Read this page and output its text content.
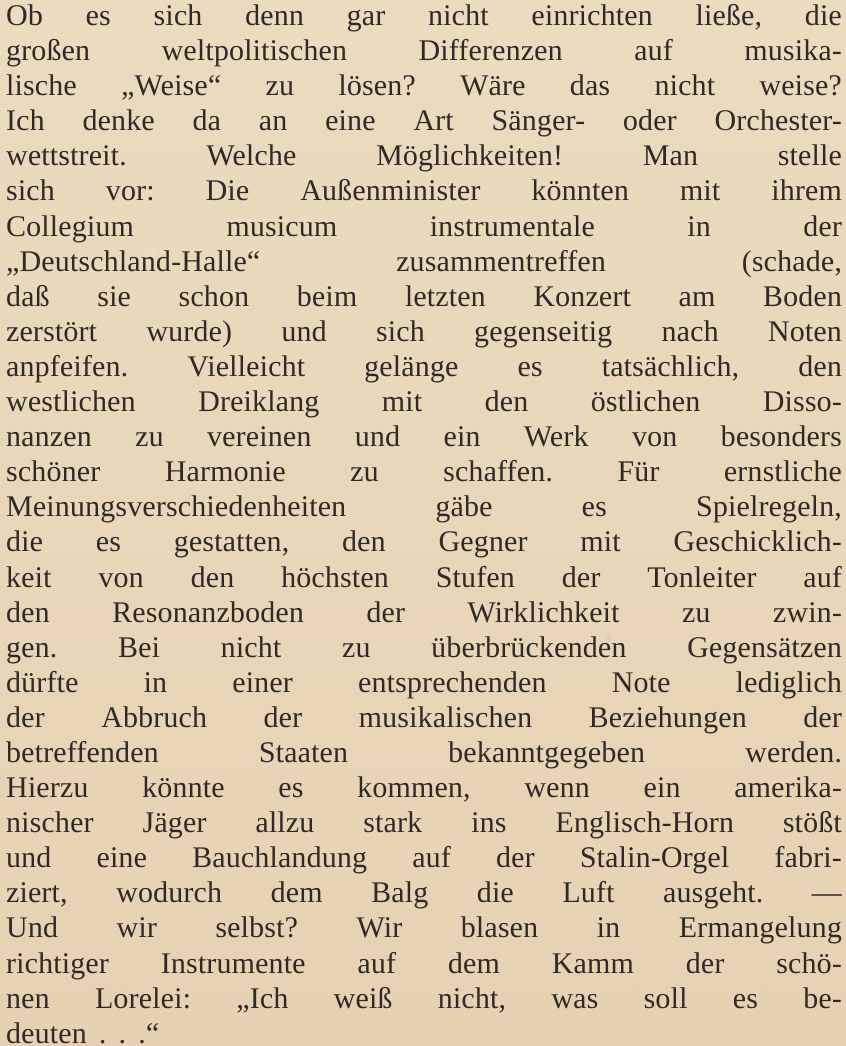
Ob es sich denn gar nicht einrichten ließe, die
großen weltpolitischen Differenzen auf musika-
lische „Weise“ zu lösen? Wäre das nicht weise?
Ich denke da an eine Art Sänger- oder Orchester-
wettstreit.	Welche	Möglichkeiten!	Man	stelle
sich vor: Die Außenminister könnten mit ihrem
Collegium	musicum	instrumentale	in	der
„Deutschland-Halle“	zusammentreffen	(schade,
daß sie schon beim letzten Konzert am Boden
zerstört wurde) und sich gegenseitig nach Noten
anpfeifen. Vielleicht gelänge es tatsächlich, den
westlichen Dreiklang mit den östlichen Disso-
nanzen zu vereinen und ein Werk von besonders
schöner Harmonie zu schaffen. Für ernstliche
Meinungsverschiedenheiten	gäbe	es	Spielregeln,
die es gestatten, den Gegner mit Geschicklich-
keit von den höchsten Stufen der Tonleiter auf
den Resonanzboden der Wirklichkeit zu zwin-
gen. Bei nicht zu überbrückenden Gegensätzen
dürfte in einer entsprechenden Note lediglich
der Abbruch der musikalischen Beziehungen der
betreffenden	Staaten	bekanntgegeben	werden.
Hierzu könnte es kommen, wenn ein amerika-
nischer Jäger allzu stark ins Englisch-Horn stößt
und eine Bauchlandung auf der Stalin-Orgel fabri-
ziert, wodurch dem Balg die Luft ausgeht. —
Und wir selbst? Wir blasen in Ermangelung
richtiger Instrumente auf dem Kamm der schö-
nen Lorelei: „Ich weiß nicht, was soll es be-
deuten . . .“
